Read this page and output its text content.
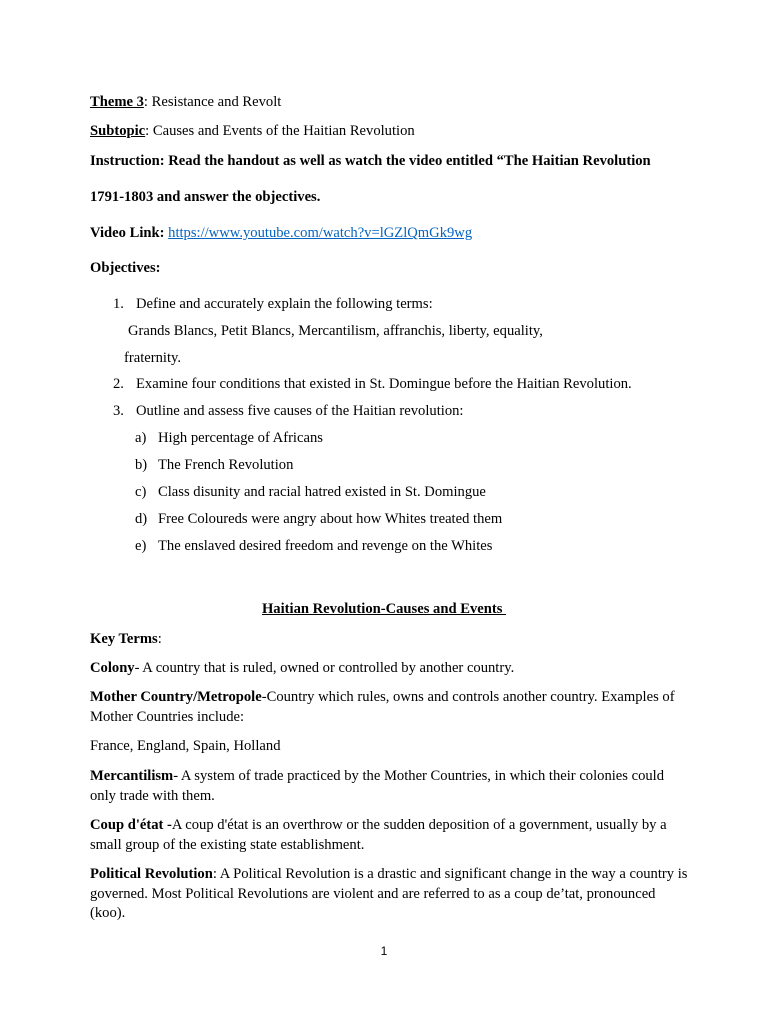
Theme 3: Resistance and Revolt
Subtopic: Causes and Events of the Haitian Revolution
Instruction: Read the handout as well as watch the video entitled “The Haitian Revolution
1791-1803 and answer the objectives.
Video Link: https://www.youtube.com/watch?v=lGZlQmGk9wg
Objectives:
1. Define and accurately explain the following terms:
Grands Blancs, Petit Blancs, Mercantilism, affranchis, liberty, equality,
fraternity.
2. Examine four conditions that existed in St. Domingue before the Haitian Revolution.
3. Outline and assess five causes of the Haitian revolution:
a) High percentage of Africans
b) The French Revolution
c) Class disunity and racial hatred existed in St. Domingue
d) Free Coloureds were angry about how Whites treated them
e) The enslaved desired freedom and revenge on the Whites
Haitian Revolution-Causes and Events
Key Terms:
Colony- A country that is ruled, owned or controlled by another country.
Mother Country/Metropole-Country which rules, owns and controls another country. Examples of Mother Countries include:
France, England, Spain, Holland
Mercantilism- A system of trade practiced by the Mother Countries, in which their colonies could only trade with them.
Coup d'état -A coup d'état is an overthrow or the sudden deposition of a government, usually by a small group of the existing state establishment.
Political Revolution: A Political Revolution is a drastic and significant change in the way a country is governed. Most Political Revolutions are violent and are referred to as a coup de’tat, pronounced (koo).
1
